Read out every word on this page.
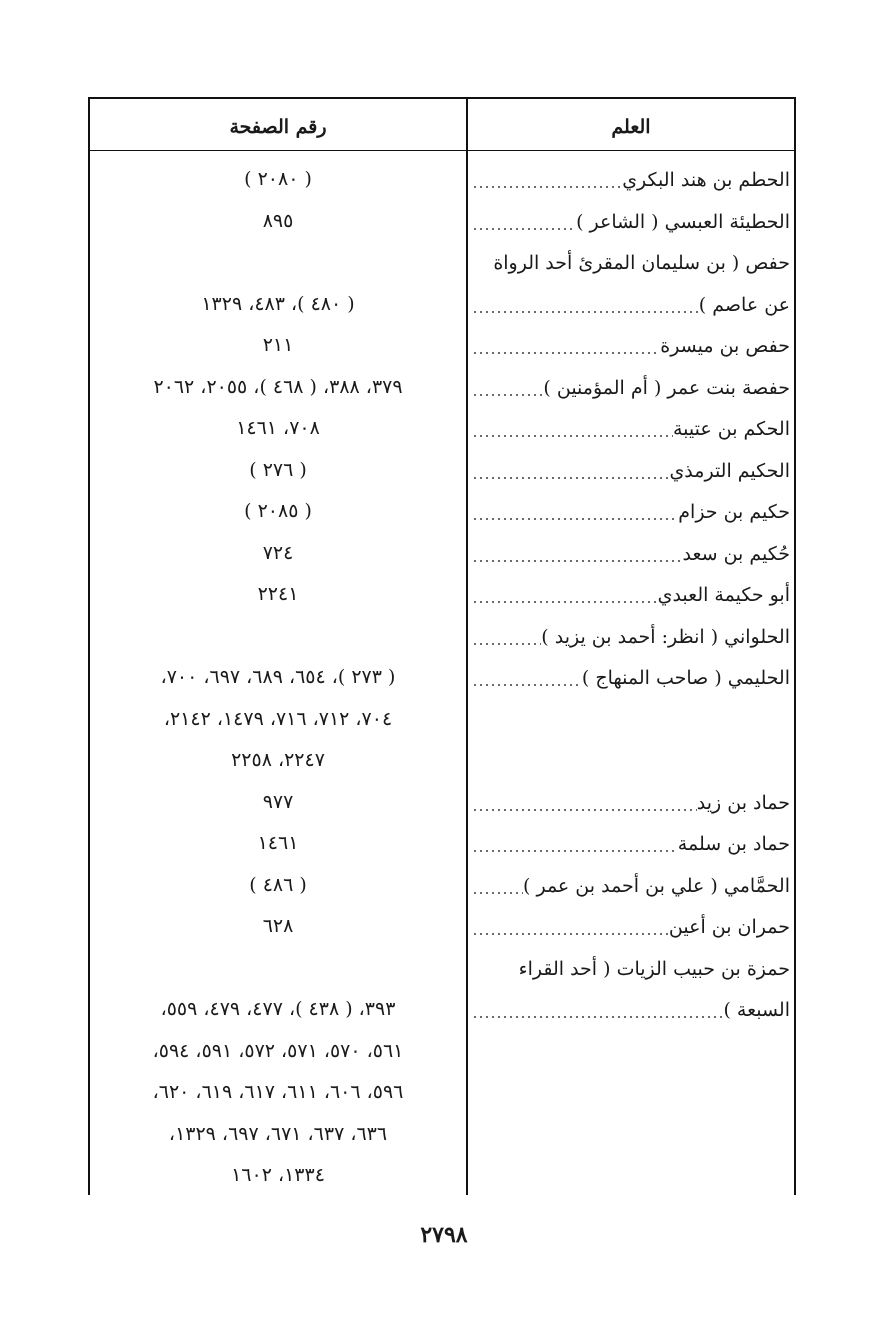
العلم
رقم الصفحة
الحطم بن هند البكري
( ٢٠٨٠ )
الحطيئة العبسي ( الشاعر )
٨٩٥
حفص ( بن سليمان المقرئ أحد الرواة
عن عاصم )
( ٤٨٠ )، ٤٨٣، ١٣٢٩
حفص بن ميسرة
٢١١
حفصة بنت عمر ( أم المؤمنين )
٣٧٩، ٣٨٨، ( ٤٦٨ )، ٢٠٥٥، ٢٠٦٢
الحكم بن عتيبة
٧٠٨، ١٤٦١
الحكيم الترمذي
( ٢٧٦ )
حكيم بن حزام
( ٢٠٨٥ )
حُكيم بن سعد
٧٢٤
أبو حكيمة العبدي
٢٢٤١
الحلواني ( انظر: أحمد بن يزيد )
الحليمي ( صاحب المنهاج )
( ٢٧٣ )، ٦٥٤، ٦٨٩، ٦٩٧، ٧٠٠،
٧٠٤، ٧١٢، ٧١٦، ١٤٧٩، ٢١٤٢،
٢٢٤٧، ٢٢٥٨
حماد بن زيد
٩٧٧
حماد بن سلمة
١٤٦١
الحمَّامي ( علي بن أحمد بن عمر )
( ٤٨٦ )
حمران بن أعين
٦٢٨
حمزة بن حبيب الزيات ( أحد القراء
السبعة )
٣٩٣، ( ٤٣٨ )، ٤٧٧، ٤٧٩، ٥٥٩،
٥٦١، ٥٧٠، ٥٧١، ٥٧٢، ٥٩١، ٥٩٤،
٥٩٦، ٦٠٦، ٦١١، ٦١٧، ٦١٩، ٦٢٠،
٦٣٦، ٦٣٧، ٦٧١، ٦٩٧، ١٣٢٩،
١٣٣٤، ١٦٠٢
٢٧٩٨
